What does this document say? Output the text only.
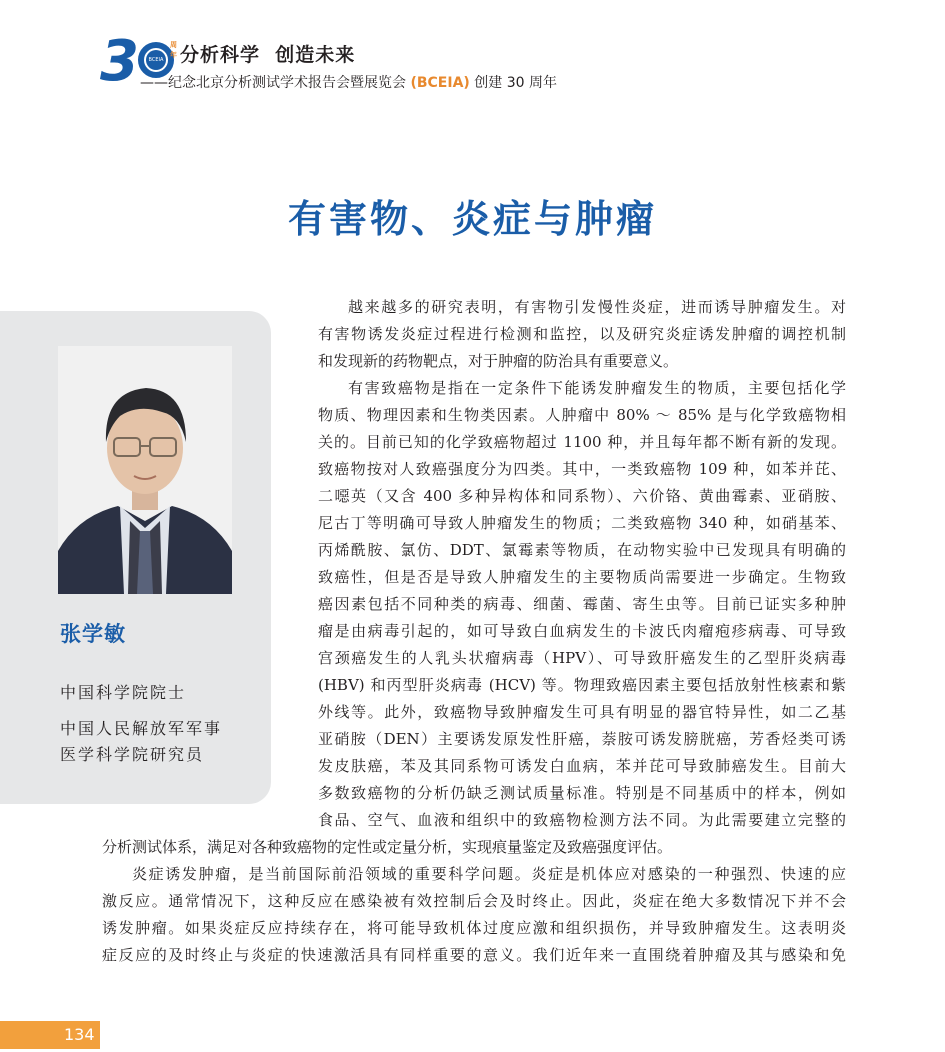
3	BCEIA
周年 分析科学  创造未来
——纪念北京分析测试学术报告会暨展览会 (BCEIA) 创建 30 周年
有害物、炎症与肿瘤
张学敏
中国科学院院士
中国人民解放军军事
医学科学院研究员
越来越多的研究表明，有害物引发慢性炎症，进而诱导肿瘤发生。对
有害物诱发炎症过程进行检测和监控，以及研究炎症诱发肿瘤的调控机制
和发现新的药物靶点，对于肿瘤的防治具有重要意义。
有害致癌物是指在一定条件下能诱发肿瘤发生的物质，主要包括化学
物质、物理因素和生物类因素。人肿瘤中 80% ～ 85% 是与化学致癌物相
关的。目前已知的化学致癌物超过 1100 种，并且每年都不断有新的发现。
致癌物按对人致癌强度分为四类。其中，一类致癌物 109 种，如苯并芘、
二噁英（又含 400 多种异构体和同系物）、六价铬、黄曲霉素、亚硝胺、
尼古丁等明确可导致人肿瘤发生的物质；二类致癌物 340 种，如硝基苯、
丙烯酰胺、氯仿、DDT、氯霉素等物质，在动物实验中已发现具有明确的
致癌性，但是否是导致人肿瘤发生的主要物质尚需要进一步确定。生物致
癌因素包括不同种类的病毒、细菌、霉菌、寄生虫等。目前已证实多种肿
瘤是由病毒引起的，如可导致白血病发生的卡波氏肉瘤疱疹病毒、可导致
宫颈癌发生的人乳头状瘤病毒（HPV）、可导致肝癌发生的乙型肝炎病毒
(HBV) 和丙型肝炎病毒 (HCV) 等。物理致癌因素主要包括放射性核素和紫
外线等。此外，致癌物导致肿瘤发生可具有明显的器官特异性，如二乙基
亚硝胺（DEN）主要诱发原发性肝癌，萘胺可诱发膀胱癌，芳香烃类可诱
发皮肤癌，苯及其同系物可诱发白血病，苯并芘可导致肺癌发生。目前大
多数致癌物的分析仍缺乏测试质量标准。特别是不同基质中的样本，例如
食品、空气、血液和组织中的致癌物检测方法不同。为此需要建立完整的
分析测试体系，满足对各种致癌物的定性或定量分析，实现痕量鉴定及致癌强度评估。
炎症诱发肿瘤，是当前国际前沿领域的重要科学问题。炎症是机体应对感染的一种强烈、快速的应
激反应。通常情况下，这种反应在感染被有效控制后会及时终止。因此，炎症在绝大多数情况下并不会
诱发肿瘤。如果炎症反应持续存在，将可能导致机体过度应激和组织损伤，并导致肿瘤发生。这表明炎
症反应的及时终止与炎症的快速激活具有同样重要的意义。我们近年来一直围绕着肿瘤及其与感染和免
134
